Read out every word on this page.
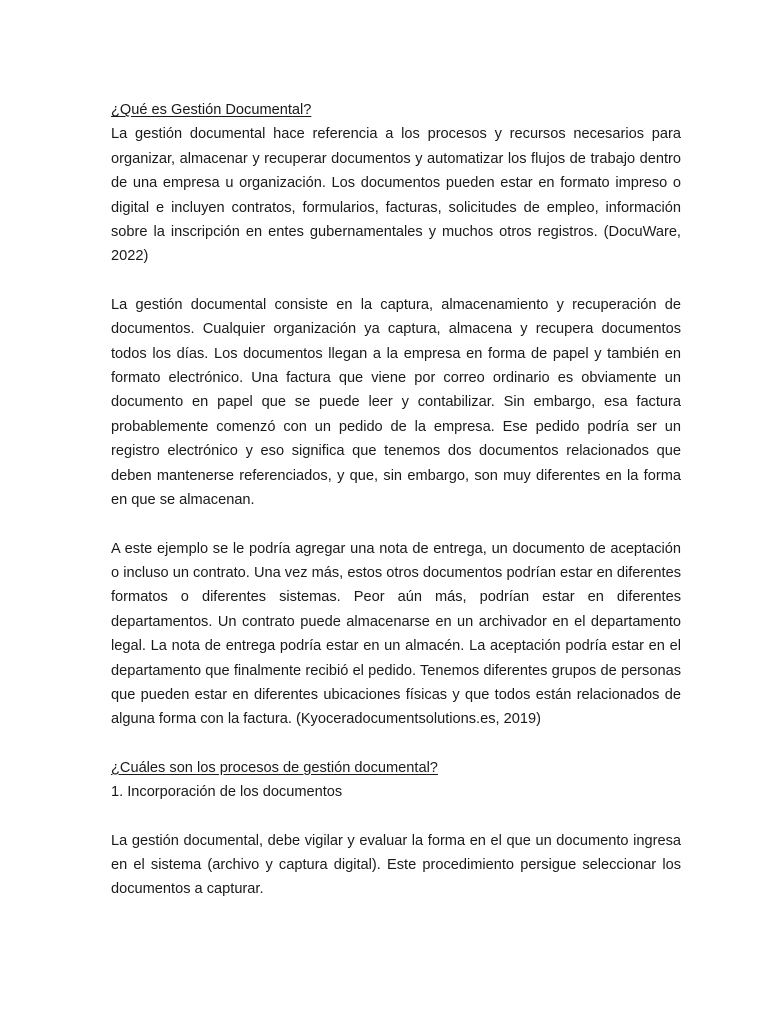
¿Qué es Gestión Documental?

La gestión documental hace referencia a los procesos y recursos necesarios para organizar, almacenar y recuperar documentos y automatizar los flujos de trabajo dentro de una empresa u organización. Los documentos pueden estar en formato impreso o digital e incluyen contratos, formularios, facturas, solicitudes de empleo, información sobre la inscripción en entes gubernamentales y muchos otros registros. (DocuWare, 2022)

La gestión documental consiste en la captura, almacenamiento y recuperación de documentos. Cualquier organización ya captura, almacena y recupera documentos todos los días. Los documentos llegan a la empresa en forma de papel y también en formato electrónico. Una factura que viene por correo ordinario es obviamente un documento en papel que se puede leer y contabilizar. Sin embargo, esa factura probablemente comenzó con un pedido de la empresa. Ese pedido podría ser un registro electrónico y eso significa que tenemos dos documentos relacionados que deben mantenerse referenciados, y que, sin embargo, son muy diferentes en la forma en que se almacenan.

A este ejemplo se le podría agregar una nota de entrega, un documento de aceptación o incluso un contrato. Una vez más, estos otros documentos podrían estar en diferentes formatos o diferentes sistemas. Peor aún más, podrían estar en diferentes departamentos. Un contrato puede almacenarse en un archivador en el departamento legal. La nota de entrega podría estar en un almacén. La aceptación podría estar en el departamento que finalmente recibió el pedido. Tenemos diferentes grupos de personas que pueden estar en diferentes ubicaciones físicas y que todos están relacionados de alguna forma con la factura. (Kyoceradocumentsolutions.es, 2019)

¿Cuáles son los procesos de gestión documental?
1. Incorporación de los documentos

La gestión documental, debe vigilar y evaluar la forma en el que un documento ingresa en el sistema (archivo y captura digital). Este procedimiento persigue seleccionar los documentos a capturar.
